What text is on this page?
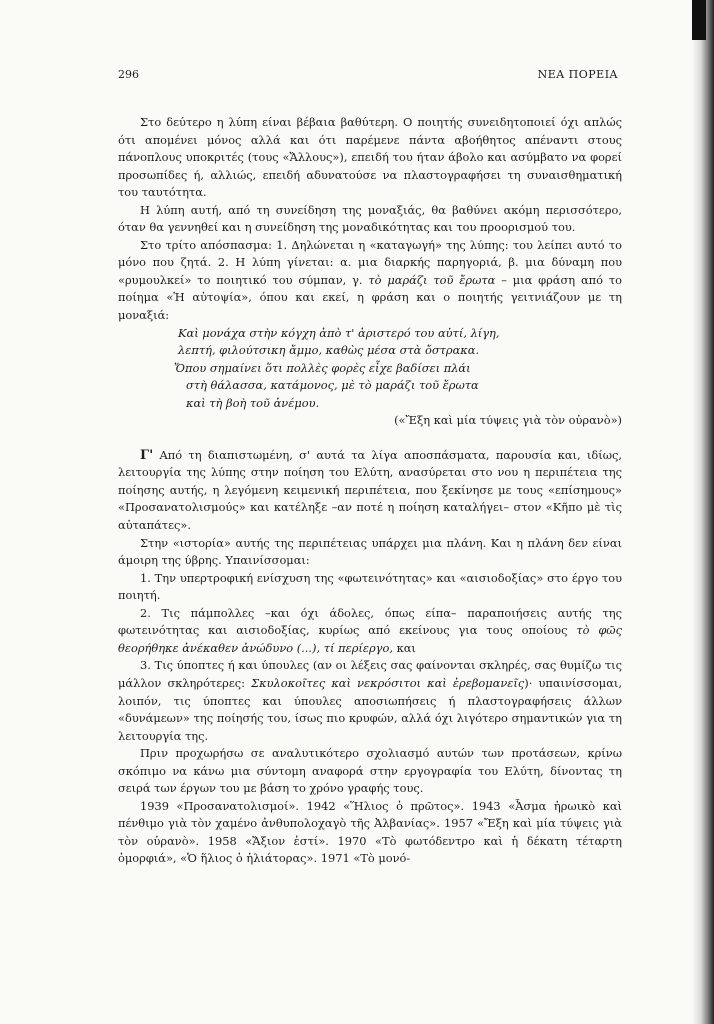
296	ΝΕΑ ΠΟΡΕΙΑ

Στο δεύτερο η λύπη είναι βέβαια βαθύτερη. Ο ποιητής συνειδητοποιεί όχι απλώς ότι απομένει μόνος αλλά και ότι παρέμενε πάντα αβοήθητος απέναντι στους πάνοπλους υποκριτές (τους «Ἄλλους»), επειδή του ήταν άβολο και ασύμβατο να φορεί προσωπίδες ή, αλλιώς, επειδή αδυνατούσε να πλαστογραφήσει τη συναισθηματική του ταυτότητα.

Η λύπη αυτή, από τη συνείδηση της μοναξιάς, θα βαθύνει ακόμη περισσότερο, όταν θα γεννηθεί και η συνείδηση της μοναδικότητας και του προορισμού του.

Στο τρίτο απόσπασμα: 1. Δηλώνεται η «καταγωγή» της λύπης: του λείπει αυτό το μόνο που ζητά. 2. Η λύπη γίνεται: α. μια διαρκής παρηγοριά, β. μια δύναμη που «ρυμουλκεί» το ποιητικό του σύμπαν, γ. τὸ μαράζι τοῦ ἔρωτα – μια φράση από το ποίημα «Ἡ αὐτοψία», όπου και εκεί, η φράση και ο ποιητής γειτνιάζουν με τη μοναξιά:

Καὶ μονάχα στὴν κόγχη ἀπὸ τ' ἀριστερό του αὐτί, λίγη,
λεπτή, φιλούτσικη ἄμμο, καθὼς μέσα στὰ ὄστρακα.
Ὅπου σημαίνει ὅτι πολλὲς φορὲς εἶχε βαδίσει πλάι
στὴ θάλασσα, κατάμονος, μὲ τὸ μαράζι τοῦ ἔρωτα
καὶ τὴ βοὴ τοῦ ἀνέμου.
(«Ἔξη καὶ μία τύψεις γιὰ τὸν οὐρανὸ»)

Γ' Από τη διαπιστωμένη, σ' αυτά τα λίγα αποσπάσματα, παρουσία και, ιδίως, λειτουργία της λύπης στην ποίηση του Ελύτη, ανασύρεται στο νου η περιπέτεια της ποίησης αυτής, η λεγόμενη κειμενική περιπέτεια, που ξεκίνησε με τους «επίσημους» «Προσανατολισμούς» και κατέληξε –αν ποτέ η ποίηση καταλήγει– στον «Κῆπο μὲ τὶς αὐταπάτες».

Στην «ιστορία» αυτής της περιπέτειας υπάρχει μια πλάνη. Και η πλάνη δεν είναι άμοιρη της ύβρης. Υπαινίσσομαι:

1. Την υπερτροφική ενίσχυση της «φωτεινότητας» και «αισιοδοξίας» στο έργο του ποιητή.

2. Τις πάμπολλες –και όχι άδολες, όπως είπα– παραποιήσεις αυτής της φωτεινότητας και αισιοδοξίας, κυρίως από εκείνους για τους οποίους τὸ φῶς θεορήθηκε ἀνέκαθεν ἀνώδυνο (...), τί περίεργο, και

3. Τις ύποπτες ή και ύπουλες (αν οι λέξεις σας φαίνονται σκληρές, σας θυμίζω τις μάλλον σκληρότερες: Σκυλοκοῖτες καὶ νεκρόσιτοι καὶ ἐρεβομανεῖς)· υπαινίσσομαι, λοιπόν, τις ύποπτες και ύπουλες αποσιωπήσεις ή πλαστογραφήσεις άλλων «δυνάμεων» της ποίησής του, ίσως πιο κρυφών, αλλά όχι λιγότερο σημαντικών για τη λειτουργία της.

Πριν προχωρήσω σε αναλυτικότερο σχολιασμό αυτών των προτάσεων, κρίνω σκόπιμο να κάνω μια σύντομη αναφορά στην εργογραφία του Ελύτη, δίνοντας τη σειρά των έργων του με βάση το χρόνο γραφής τους.

1939 «Προσανατολισμοί». 1942 «Ἥλιος ὁ πρῶτος». 1943 «Ἆσμα ἡρωικὸ καὶ πένθιμο γιὰ τὸν χαμένο ἀνθυπολοχαγὸ τῆς Ἀλβανίας». 1957 «Ἔξη καὶ μία τύψεις γιὰ τὸν οὐρανὸ». 1958 «Ἄξιον ἐστί». 1970 «Τὸ φωτόδεντρο καὶ ἡ δέκατη τέταρτη ὀμορφιά», «Ὁ ἥλιος ὁ ἡλιάτορας». 1971 «Τὸ μονό-
